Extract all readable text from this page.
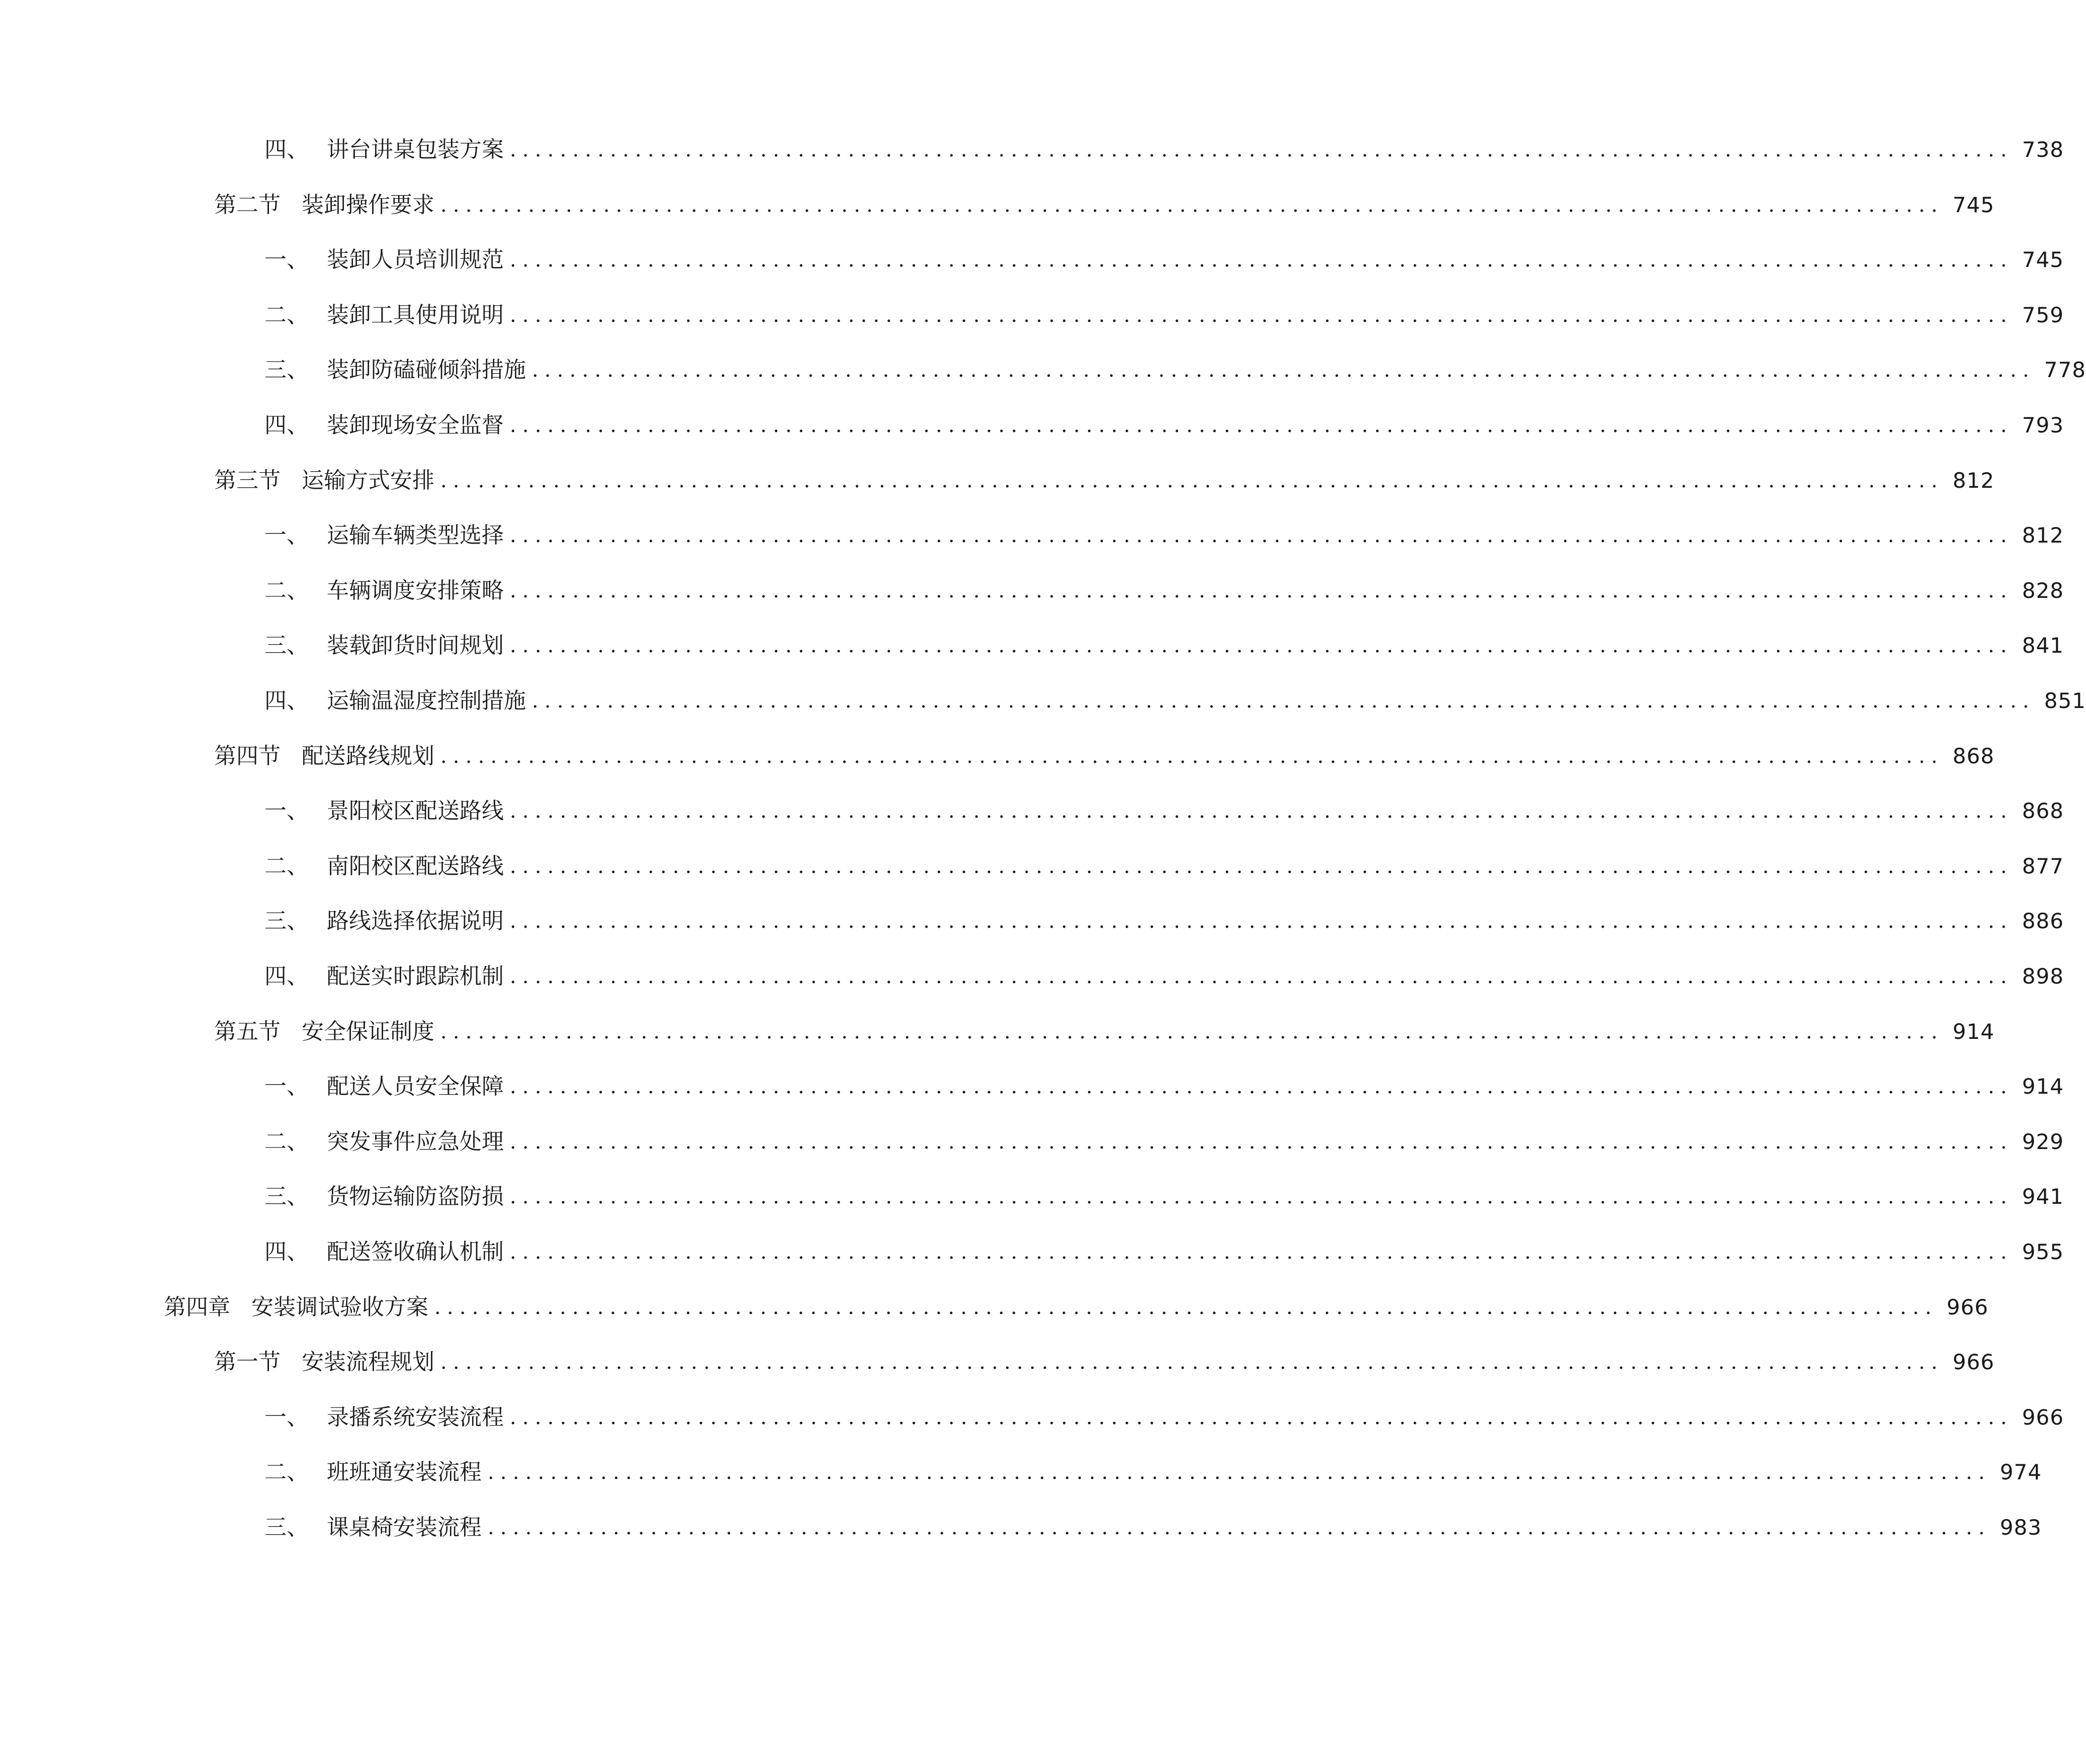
四、 讲台讲桌包装方案 ........................................................................................................................ 738
第二节 装卸操作要求 ........................................................................................................................ 745
一、 装卸人员培训规范 ........................................................................................................................ 745
二、 装卸工具使用说明 ........................................................................................................................ 759
三、 装卸防磕碰倾斜措施 ........................................................................................................................ 778
四、 装卸现场安全监督 ........................................................................................................................ 793
第三节 运输方式安排 ........................................................................................................................ 812
一、 运输车辆类型选择 ........................................................................................................................ 812
二、 车辆调度安排策略 ........................................................................................................................ 828
三、 装载卸货时间规划 ........................................................................................................................ 841
四、 运输温湿度控制措施 ........................................................................................................................ 851
第四节 配送路线规划 ........................................................................................................................ 868
一、 景阳校区配送路线 ........................................................................................................................ 868
二、 南阳校区配送路线 ........................................................................................................................ 877
三、 路线选择依据说明 ........................................................................................................................ 886
四、 配送实时跟踪机制 ........................................................................................................................ 898
第五节 安全保证制度 ........................................................................................................................ 914
一、 配送人员安全保障 ........................................................................................................................ 914
二、 突发事件应急处理 ........................................................................................................................ 929
三、 货物运输防盗防损 ........................................................................................................................ 941
四、 配送签收确认机制 ........................................................................................................................ 955
第四章 安装调试验收方案 ........................................................................................................................ 966
第一节 安装流程规划 ........................................................................................................................ 966
一、 录播系统安装流程 ........................................................................................................................ 966
二、 班班通安装流程 ........................................................................................................................ 974
三、 课桌椅安装流程 ........................................................................................................................ 983
